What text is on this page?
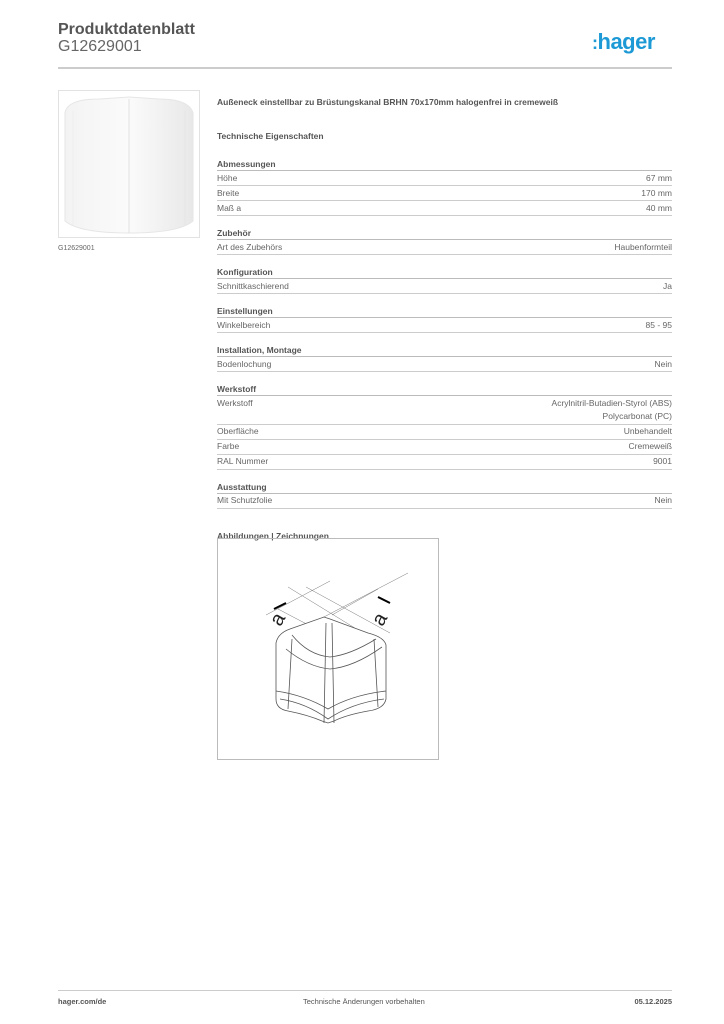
Produktdatenblatt
G12629001	:hager
G12629001
Außeneck einstellbar zu Brüstungskanal BRHN 70x170mm halogenfrei in cremeweiß
Technische Eigenschaften
Abmessungen
Höhe	67 mm
Breite	170 mm
Maß a	40 mm
Zubehör
Art des Zubehörs	Haubenformteil
Konfiguration
Schnittkaschierend	Ja
Einstellungen
Winkelbereich	85 - 95
Installation, Montage
Bodenlochung	Nein
Werkstoff
Werkstoff	Acrylnitril-Butadien-Styrol (ABS)
Polycarbonat (PC)
Oberfläche	Unbehandelt
Farbe	Cremeweiß
RAL Nummer	9001
Ausstattung
Mit Schutzfolie	Nein
Abbildungen | Zeichnungen
a	a
hager.com/de	Technische Änderungen vorbehalten	05.12.2025
